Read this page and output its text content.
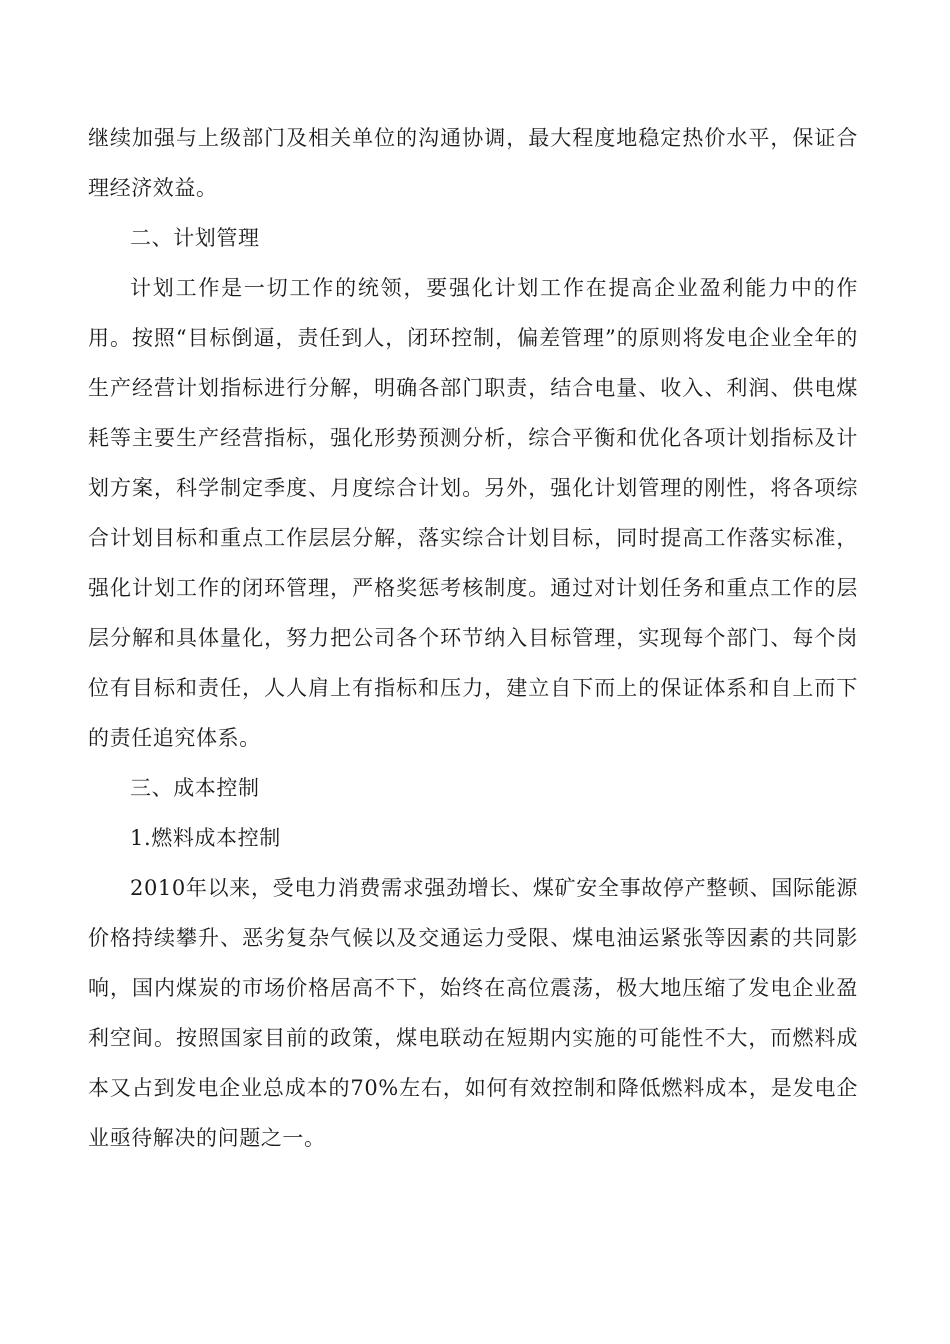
继续加强与上级部门及相关单位的沟通协调，最大程度地稳定热价水平，保证合理经济效益。

二、计划管理

计划工作是一切工作的统领，要强化计划工作在提高企业盈利能力中的作用。按照“目标倒逼，责任到人，闭环控制，偏差管理”的原则将发电企业全年的生产经营计划指标进行分解，明确各部门职责，结合电量、收入、利润、供电煤耗等主要生产经营指标，强化形势预测分析，综合平衡和优化各项计划指标及计划方案，科学制定季度、月度综合计划。另外，强化计划管理的刚性，将各项综合计划目标和重点工作层层分解，落实综合计划目标，同时提高工作落实标准，强化计划工作的闭环管理，严格奖惩考核制度。通过对计划任务和重点工作的层层分解和具体量化，努力把公司各个环节纳入目标管理，实现每个部门、每个岗位有目标和责任，人人肩上有指标和压力，建立自下而上的保证体系和自上而下的责任追究体系。

三、成本控制

1.燃料成本控制

2010年以来，受电力消费需求强劲增长、煤矿安全事故停产整顿、国际能源价格持续攀升、恶劣复杂气候以及交通运力受限、煤电油运紧张等因素的共同影响，国内煤炭的市场价格居高不下，始终在高位震荡，极大地压缩了发电企业盈利空间。按照国家目前的政策，煤电联动在短期内实施的可能性不大，而燃料成本又占到发电企业总成本的70%左右，如何有效控制和降低燃料成本，是发电企业亟待解决的问题之一。
